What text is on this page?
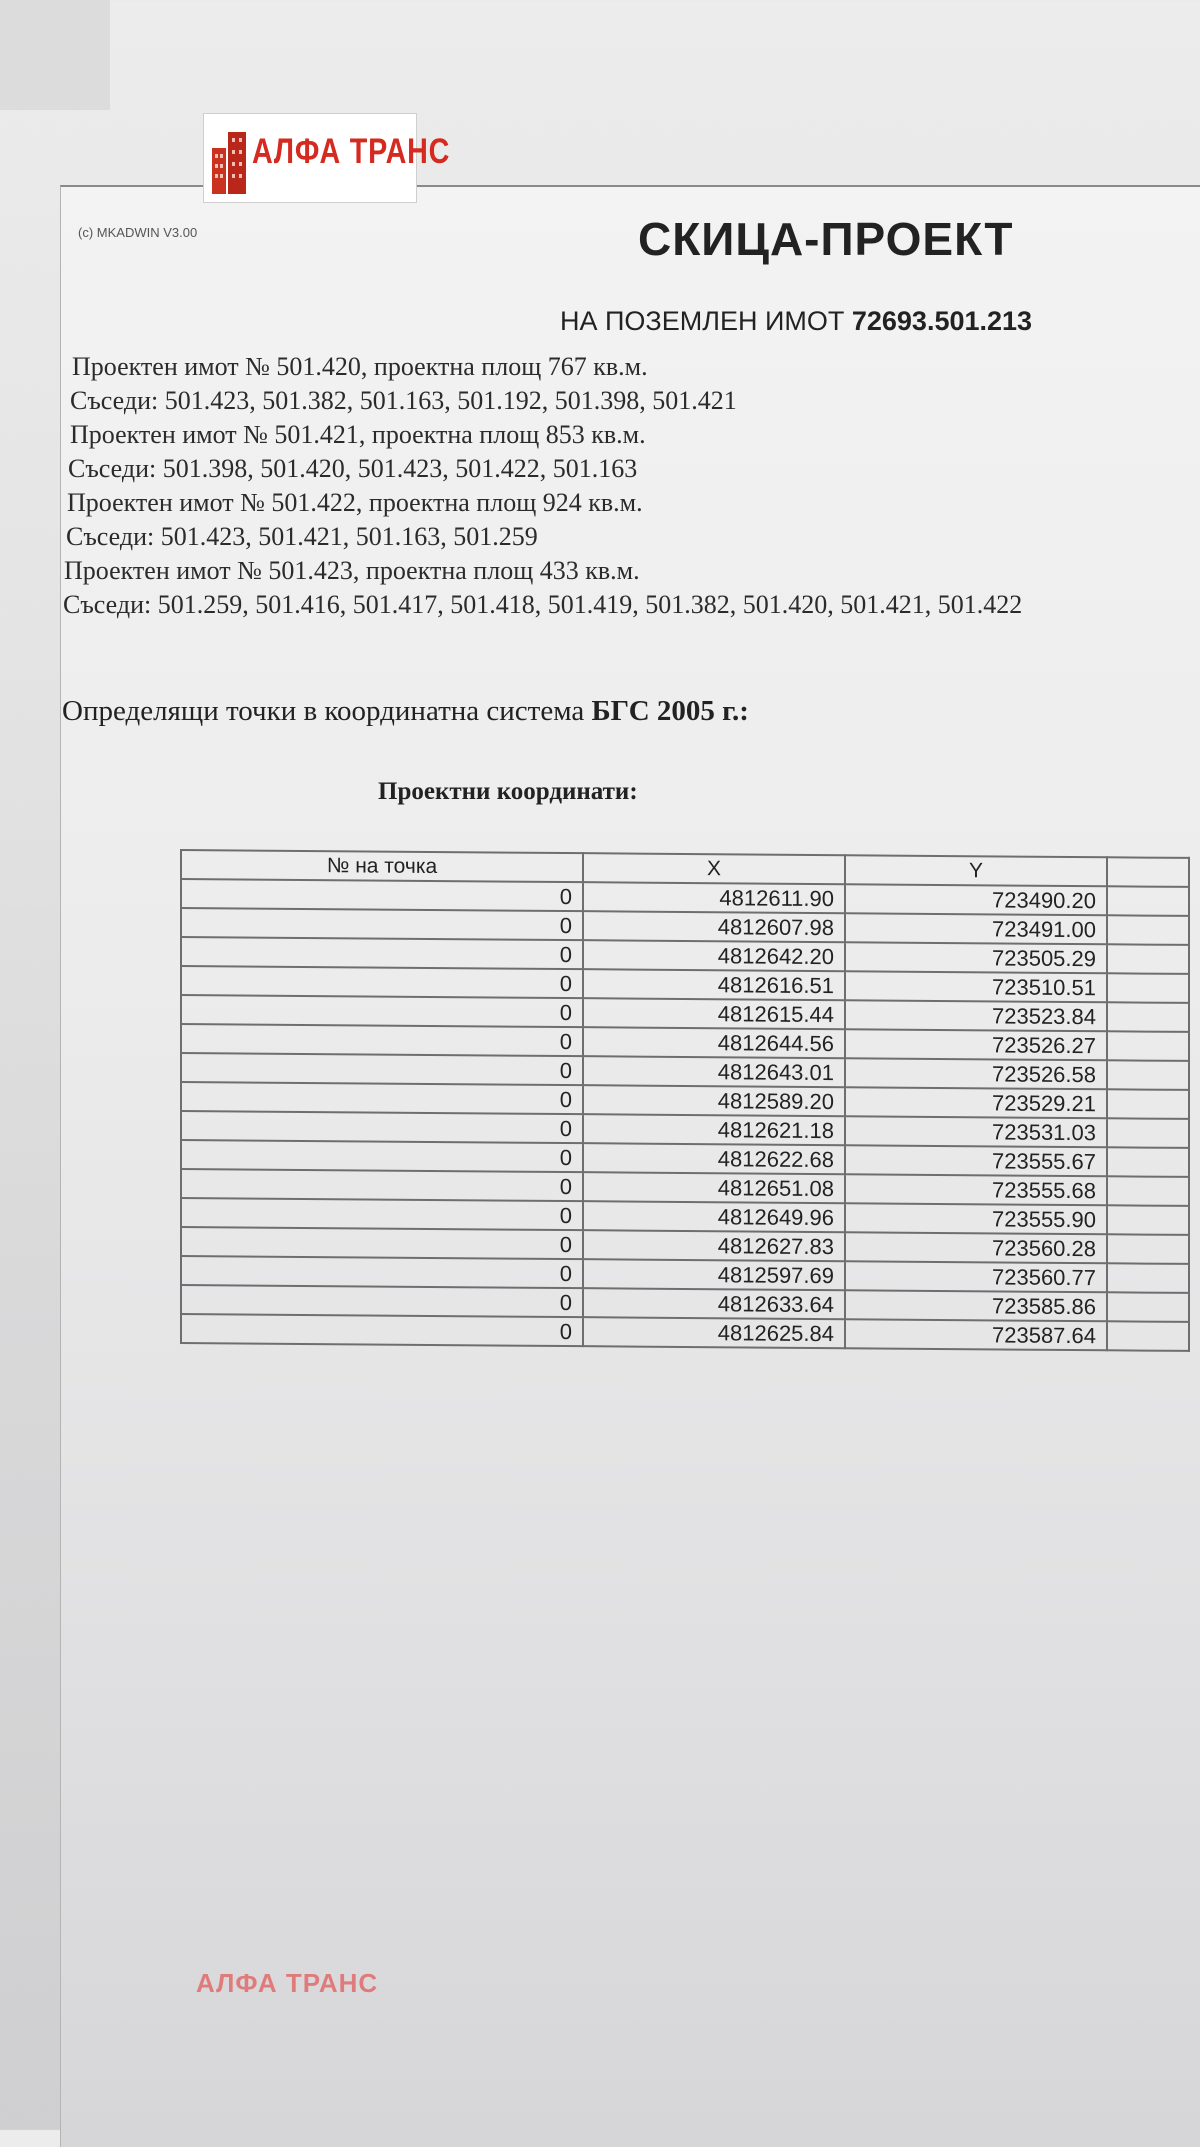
АЛФА ТРАНС
(c) MKADWIN V3.00	СКИЦА-ПРОЕКТ
НА ПОЗЕМЛЕН ИМОТ 72693.501.213
Проектен имот № 501.420, проектна площ 767 кв.м.
Съседи: 501.423, 501.382, 501.163, 501.192, 501.398, 501.421
Проектен имот № 501.421, проектна площ 853 кв.м.
Съседи: 501.398, 501.420, 501.423, 501.422, 501.163
Проектен имот № 501.422, проектна площ 924 кв.м.
Съседи: 501.423, 501.421, 501.163, 501.259
Проектен имот № 501.423, проектна площ 433 кв.м.
Съседи: 501.259, 501.416, 501.417, 501.418, 501.419, 501.382, 501.420, 501.421, 501.422
Определящи точки в координатна система БГС 2005 г.:
Проектни координати:
№ на точка	X	Y	
0	4812611.90	723490.20	
0	4812607.98	723491.00	
0	4812642.20	723505.29	
0	4812616.51	723510.51	
0	4812615.44	723523.84	
0	4812644.56	723526.27	
0	4812643.01	723526.58	
0	4812589.20	723529.21	
0	4812621.18	723531.03	
0	4812622.68	723555.67	
0	4812651.08	723555.68	
0	4812649.96	723555.90	
0	4812627.83	723560.28	
0	4812597.69	723560.77	
0	4812633.64	723585.86	
0	4812625.84	723587.64	
АЛФА ТРАНС
